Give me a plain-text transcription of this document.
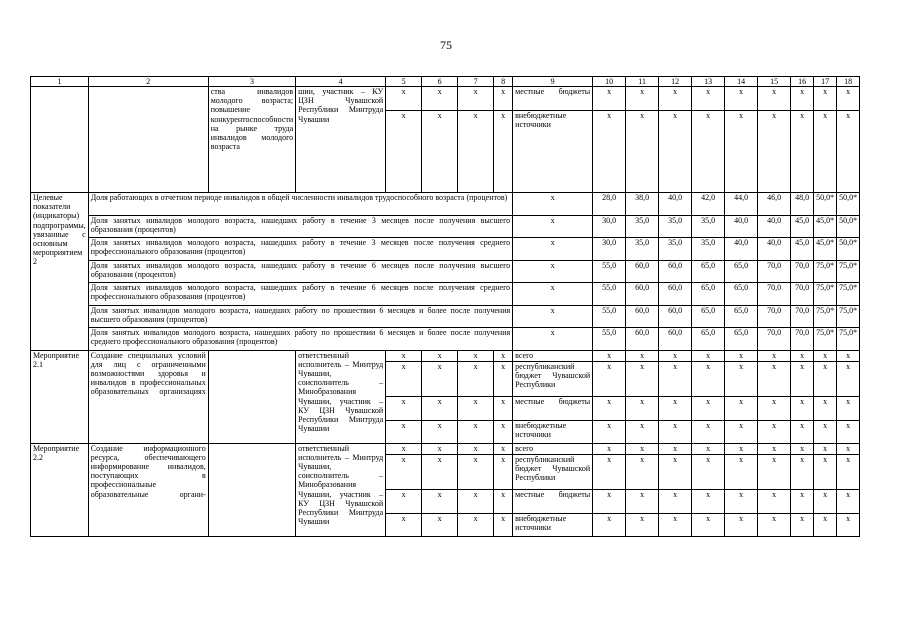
75
1	2	3	4	5	6	7	8	9	10	11	12	13	14	15	16	17	18
		ства инвалидов молодого возраста; повышение конкурентоспособности на рынке труда инвалидов молодого возраста	шии, участник – КУ ЦЗН Чувашской Республики Минтруда Чувашии	x	x	x	x	местные бюджеты	x	x	x	x	x	x	x	x	x
				x	x	x	x	внебюджетные источники	x	x	x	x	x	x	x	x	x
Целевые показатели (индикаторы) подпрограммы, увязанные с основным мероприятием 2	Доля работающих в отчетном периоде инвалидов в общей численности инвалидов трудоспособного возраста (процентов)							x	28,0	38,0	40,0	42,0	44,0	46,0	48,0	50,0*	50,0*
	Доля занятых инвалидов молодого возраста, нашедших работу в течение 3 месяцев после получения высшего образования (процентов)							x	30,0	35,0	35,0	35,0	40,0	40,0	45,0	45,0*	50,0*
	Доля занятых инвалидов молодого возраста, нашедших работу в течение 3 месяцев после получения среднего профессионального образования (процентов)							x	30,0	35,0	35,0	35,0	40,0	40,0	45,0	45,0*	50,0*
	Доля занятых инвалидов молодого возраста, нашедших работу в течение 6 месяцев после получения высшего образования (процентов)							x	55,0	60,0	60,0	65,0	65,0	70,0	70,0	75,0*	75,0*
	Доля занятых инвалидов молодого возраста, нашедших работу в течение 6 месяцев после получения среднего профессионального образования (процентов)							x	55,0	60,0	60,0	65,0	65,0	70,0	70,0	75,0*	75,0*
	Доля занятых инвалидов молодого возраста, нашедших работу по прошествии 6 месяцев и более после получения высшего образования (процентов)							x	55,0	60,0	60,0	65,0	65,0	70,0	70,0	75,0*	75,0*
	Доля занятых инвалидов молодого возраста, нашедших работу по прошествии 6 месяцев и более после получения среднего профессионального образования (процентов)							x	55,0	60,0	60,0	65,0	65,0	70,0	70,0	75,0*	75,0*
Мероприятие 2.1	Создание специальных условий для лиц с ограниченными возможностями здоровья и инвалидов в профессиональных образовательных организациях		ответственный исполнитель – Минтруд Чувашии, соисполнитель – Минобразования Чувашии, участник – КУ ЦЗН Чувашской Республики Минтруда Чувашии	x	x	x	x	всего	x	x	x	x	x	x	x	x	x
				x	x	x	x	республиканский бюджет Чувашской Республики	x	x	x	x	x	x	x	x	x
				x	x	x	x	местные бюджеты	x	x	x	x	x	x	x	x	x
				x	x	x	x	внебюджетные источники	x	x	x	x	x	x	x	x	x
Мероприятие 2.2	Создание информационного ресурса, обеспечивающего информирование инвалидов, поступающих в профессиональные образовательные органи-		ответственный исполнитель – Минтруд Чувашии, соисполнитель – Минобразования Чувашии, участник – КУ ЦЗН Чувашской Республики Минтруда Чувашии	x	x	x	x	всего	x	x	x	x	x	x	x	x	x
				x	x	x	x	республиканский бюджет Чувашской Республики	x	x	x	x	x	x	x	x	x
				x	x	x	x	местные бюджеты	x	x	x	x	x	x	x	x	x
				x	x	x	x	внебюджетные источники	x	x	x	x	x	x	x	x	x
